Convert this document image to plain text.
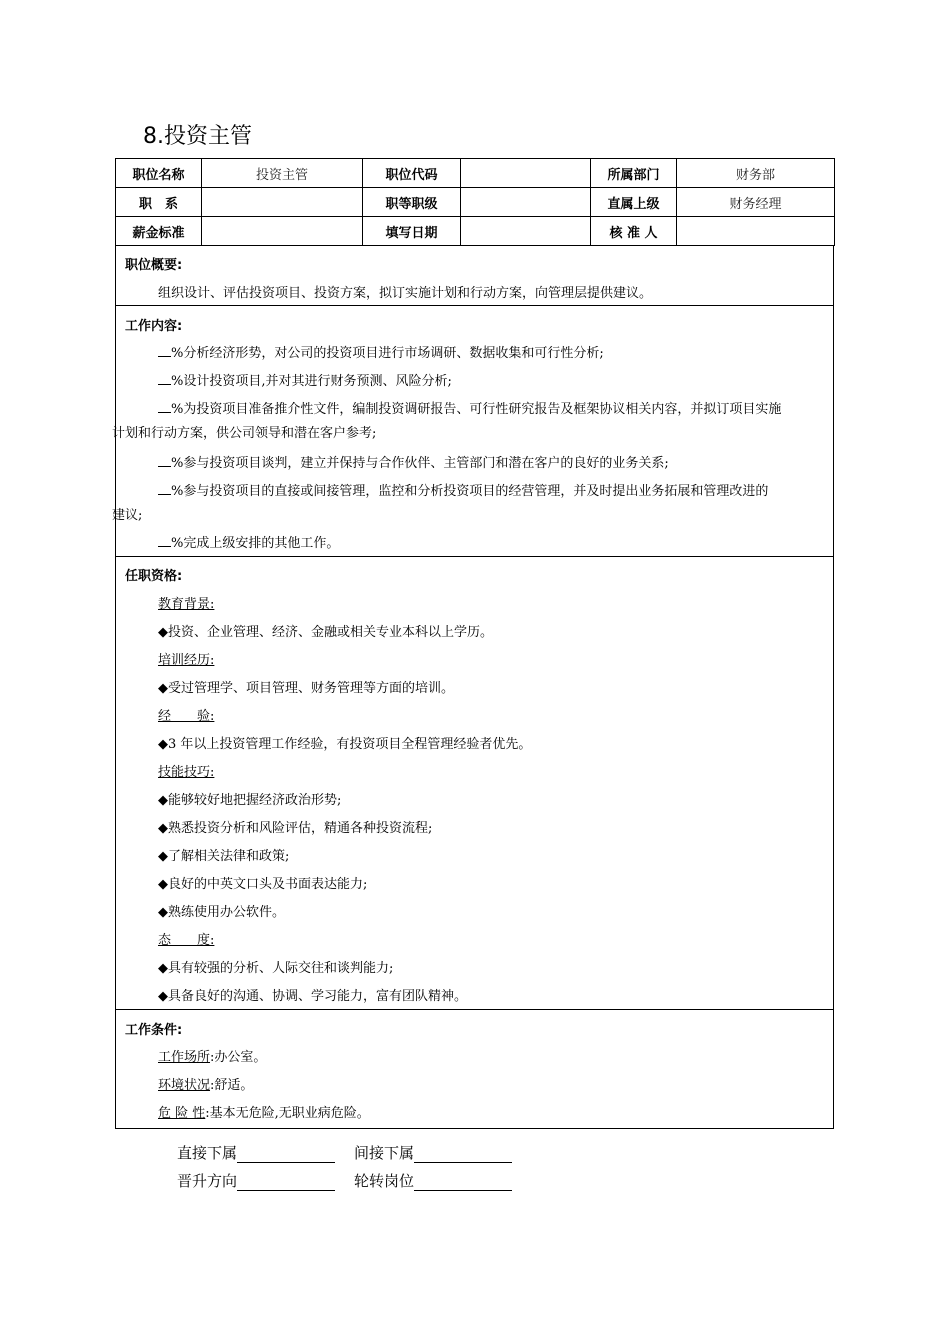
8.投资主管
职位名称	投资主管	职位代码		所属部门	财务部
职　系		职等职级		直属上级	财务经理
薪金标准		填写日期		核 准 人	
职位概要:
组织设计、评估投资项目、投资方案，拟订实施计划和行动方案，向管理层提供建议。
工作内容:
%分析经济形势，对公司的投资项目进行市场调研、数据收集和可行性分析;
%设计投资项目,并对其进行财务预测、风险分析;
%为投资项目准备推介性文件，编制投资调研报告、可行性研究报告及框架协议相关内容，并拟订项目实施
计划和行动方案，供公司领导和潜在客户参考;
%参与投资项目谈判，建立并保持与合作伙伴、主管部门和潜在客户的良好的业务关系;
%参与投资项目的直接或间接管理，监控和分析投资项目的经营管理，并及时提出业务拓展和管理改进的
建议;
%完成上级安排的其他工作。
任职资格:
教育背景:
◆投资、企业管理、经济、金融或相关专业本科以上学历。
培训经历:
◆受过管理学、项目管理、财务管理等方面的培训。
经　　验:
◆3 年以上投资管理工作经验，有投资项目全程管理经验者优先。
技能技巧:
◆能够较好地把握经济政治形势;
◆熟悉投资分析和风险评估，精通各种投资流程;
◆了解相关法律和政策;
◆良好的中英文口头及书面表达能力;
◆熟练使用办公软件。
态　　度:
◆具有较强的分析、人际交往和谈判能力;
◆具备良好的沟通、协调、学习能力，富有团队精神。
工作条件:
工作场所:办公室。
环境状况:舒适。
危 险 性:基本无危险,无职业病危险。
直接下属	间接下属
晋升方向	轮转岗位
